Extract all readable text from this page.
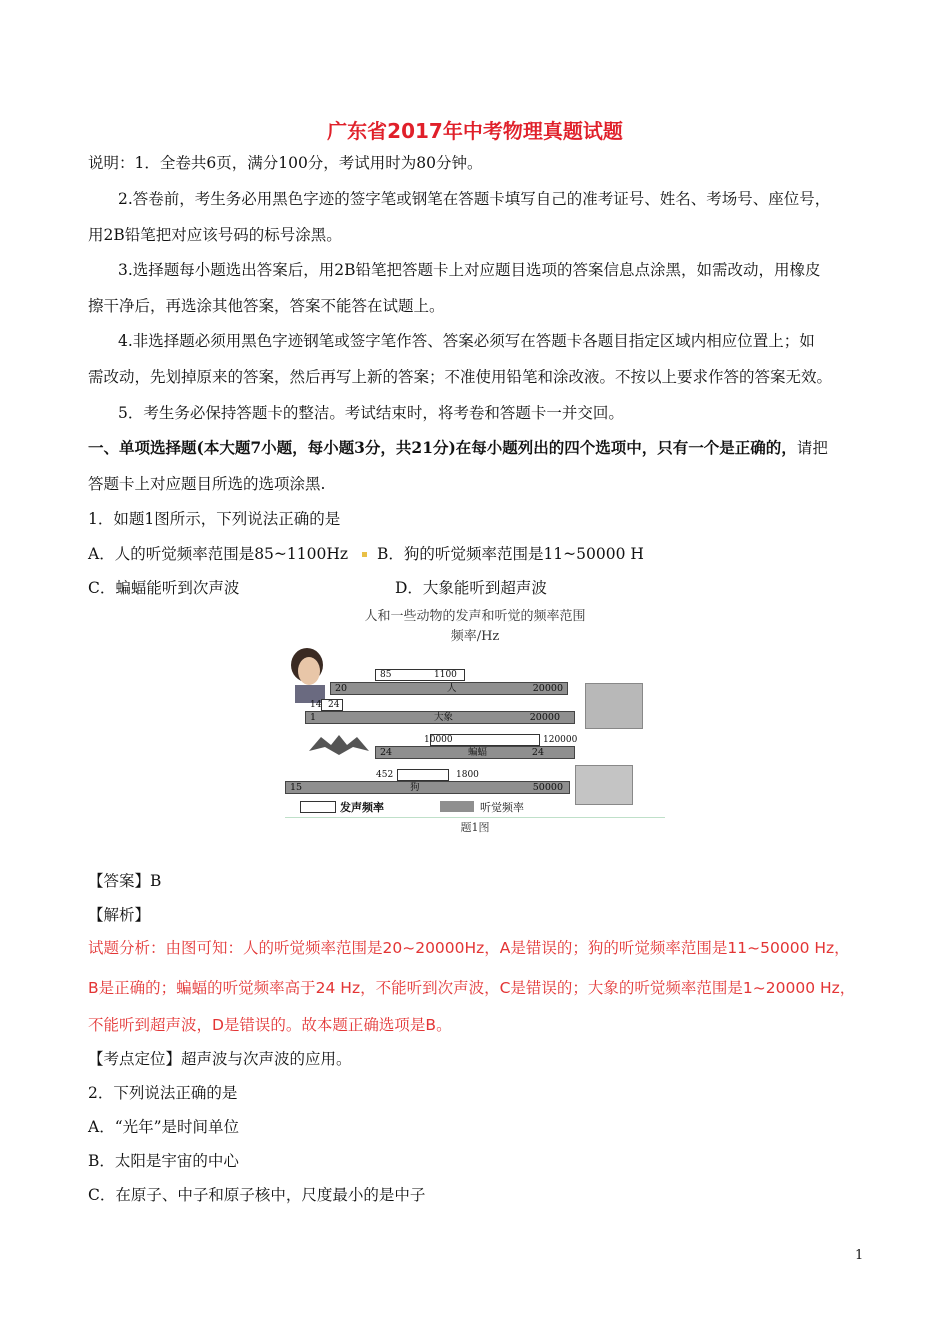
广东省2017年中考物理真题试题
说明：1．全卷共6页，满分100分，考试用时为80分钟。
2.答卷前，考生务必用黑色字迹的签字笔或钢笔在答题卡填写自己的准考证号、姓名、考场号、座位号，
用2B铅笔把对应该号码的标号涂黑。
3.选择题每小题选出答案后，用2B铅笔把答题卡上对应题目选项的答案信息点涂黑，如需改动，用橡皮
擦干净后，再选涂其他答案，答案不能答在试题上。
4.非选择题必须用黑色字迹钢笔或签字笔作答、答案必须写在答题卡各题目指定区域内相应位置上；如
需改动，先划掉原来的答案，然后再写上新的答案；不准使用铅笔和涂改液。不按以上要求作答的答案无效。
5．考生务必保持答题卡的整洁。考试结束时，将考卷和答题卡一并交回。
一、单项选择题(本大题7小题，每小题3分，共21分)在每小题列出的四个选项中，只有一个是正确的，请把
答题卡上对应题目所选的选项涂黑.
1．如题1图所示，下列说法正确的是
A．人的听觉频率范围是85~1100Hz B．狗的听觉频率范围是11~50000 H
C．蝙蝠能听到次声波	D．大象能听到超声波
人和一些动物的发声和听觉的频率范围
频率/Hz
85	1100
20	人	20000
14 24
1	大象	20000
10000	120000
24	蝙蝠	24
452	1800
15	狗	50000
发声频率	听觉频率
题1图
【答案】B
【解析】
试题分析：由图可知：人的听觉频率范围是20~20000Hz，A是错误的；狗的听觉频率范围是11~50000 Hz，
B是正确的；蝙蝠的听觉频率高于24 Hz，不能听到次声波，C是错误的；大象的听觉频率范围是1~20000 Hz，
不能听到超声波，D是错误的。故本题正确选项是B。
【考点定位】超声波与次声波的应用。
2．下列说法正确的是
A．“光年”是时间单位
B．太阳是宇宙的中心
C．在原子、中子和原子核中，尺度最小的是中子
1
